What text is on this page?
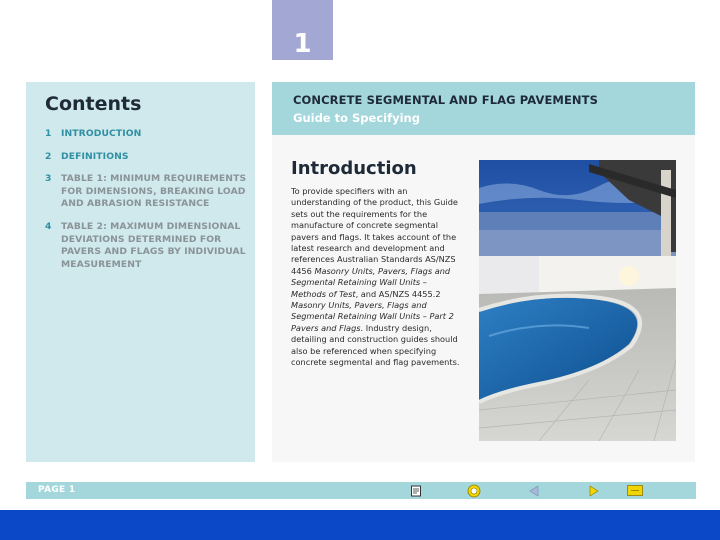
1
Contents
1	INTRODUCTION
2	DEFINITIONS
3	TABLE 1: MINIMUM REQUIREMENTS FOR DIMENSIONS, BREAKING LOAD AND ABRASION RESISTANCE
4	TABLE 2: MAXIMUM DIMENSIONAL DEVIATIONS DETERMINED FOR PAVERS AND FLAGS BY INDIVIDUAL MEASUREMENT
CONCRETE SEGMENTAL AND FLAG PAVEMENTS
Guide to Specifying
Introduction

To provide specifiers with an understanding of the product, this Guide sets out the requirements for the manufacture of concrete segmental pavers and flags. It takes account of the latest research and development and references Australian Standards AS/NZS 4456 Masonry Units, Pavers, Flags and Segmental Retaining Wall Units – Methods of Test, and AS/NZS 4455.2 Masonry Units, Pavers, Flags and Segmental Retaining Wall Units – Part 2 Pavers and Flags. Industry design, detailing and construction guides should also be referenced when specifying concrete segmental and flag pavements.

PAGE 1
